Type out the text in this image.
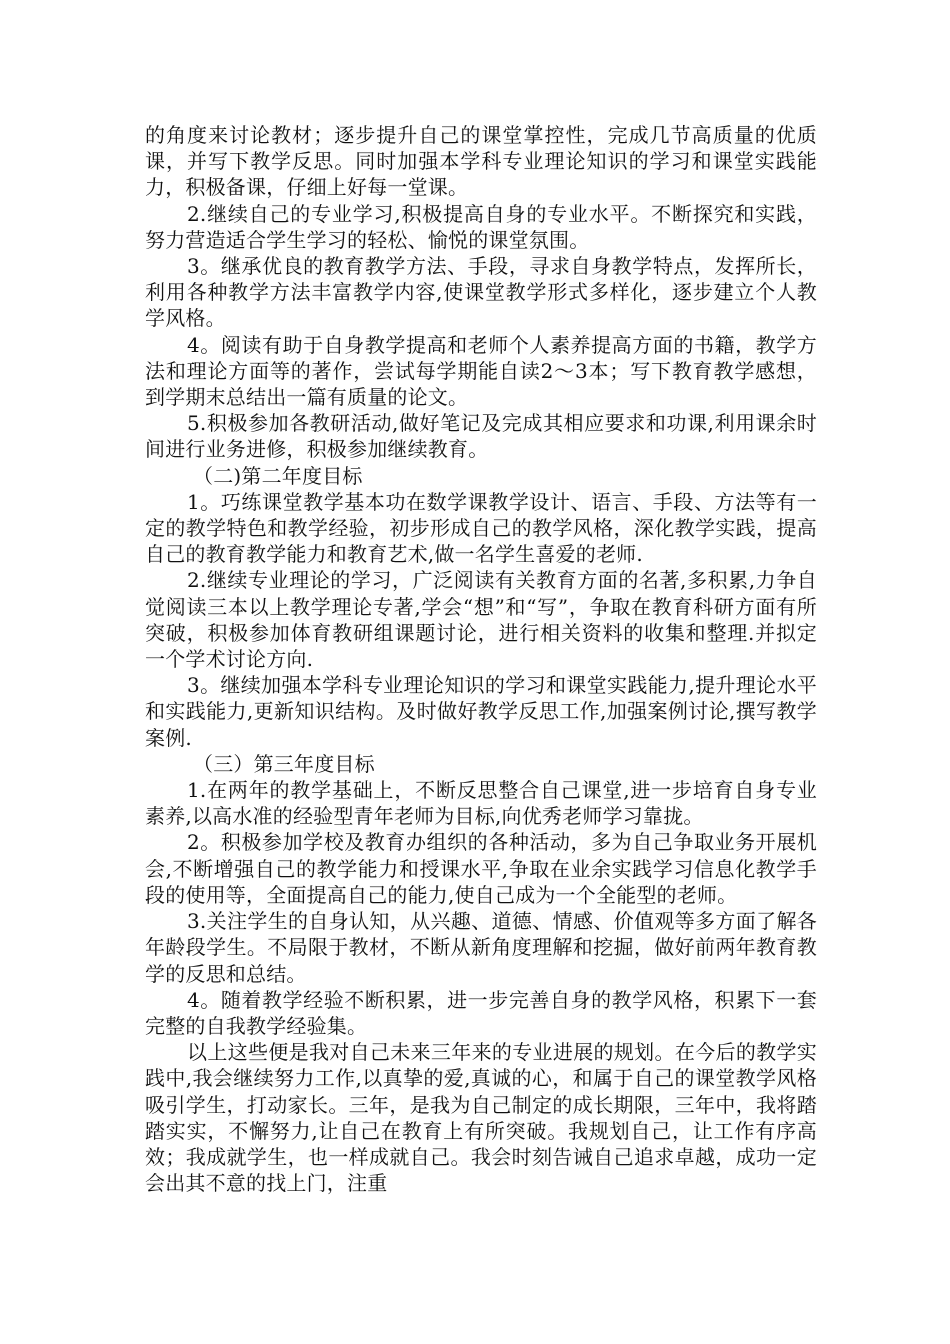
的角度来讨论教材；逐步提升自己的课堂掌控性，完成几节高质量的优质课，并写下教学反思。同时加强本学科专业理论知识的学习和课堂实践能力，积极备课，仔细上好每一堂课。

2.继续自己的专业学习,积极提高自身的专业水平。不断探究和实践，努力营造适合学生学习的轻松、愉悦的课堂氛围。

3。继承优良的教育教学方法、手段，寻求自身教学特点，发挥所长，利用各种教学方法丰富教学内容,使课堂教学形式多样化，逐步建立个人教学风格。

4。阅读有助于自身教学提高和老师个人素养提高方面的书籍，教学方法和理论方面等的著作，尝试每学期能自读2～3本；写下教育教学感想，到学期末总结出一篇有质量的论文。

5.积极参加各教研活动,做好笔记及完成其相应要求和功课,利用课余时间进行业务进修，积极参加继续教育。

（二)第二年度目标

1。巧练课堂教学基本功在数学课教学设计、语言、手段、方法等有一定的教学特色和教学经验，初步形成自己的教学风格，深化教学实践，提高自己的教育教学能力和教育艺术,做一名学生喜爱的老师.

2.继续专业理论的学习，广泛阅读有关教育方面的名著,多积累,力争自觉阅读三本以上教学理论专著,学会“想”和“写”，争取在教育科研方面有所突破，积极参加体育教研组课题讨论，进行相关资料的收集和整理.并拟定一个学术讨论方向.

3。继续加强本学科专业理论知识的学习和课堂实践能力,提升理论水平和实践能力,更新知识结构。及时做好教学反思工作,加强案例讨论,撰写教学案例.

（三）第三年度目标

1.在两年的教学基础上，不断反思整合自己课堂,进一步培育自身专业素养,以高水准的经验型青年老师为目标,向优秀老师学习靠拢。

2。积极参加学校及教育办组织的各种活动，多为自己争取业务开展机会,不断增强自己的教学能力和授课水平,争取在业余实践学习信息化教学手段的使用等，全面提高自己的能力,使自己成为一个全能型的老师。

3.关注学生的自身认知，从兴趣、道德、情感、价值观等多方面了解各年龄段学生。不局限于教材，不断从新角度理解和挖掘，做好前两年教育教学的反思和总结。

4。随着教学经验不断积累，进一步完善自身的教学风格，积累下一套完整的自我教学经验集。

以上这些便是我对自己未来三年来的专业进展的规划。在今后的教学实践中,我会继续努力工作,以真挚的爱,真诚的心，和属于自己的课堂教学风格吸引学生，打动家长。三年，是我为自己制定的成长期限，三年中，我将踏踏实实，不懈努力,让自己在教育上有所突破。我规划自己，让工作有序高效；我成就学生，也一样成就自己。我会时刻告诫自己追求卓越，成功一定会出其不意的找上门，注重
